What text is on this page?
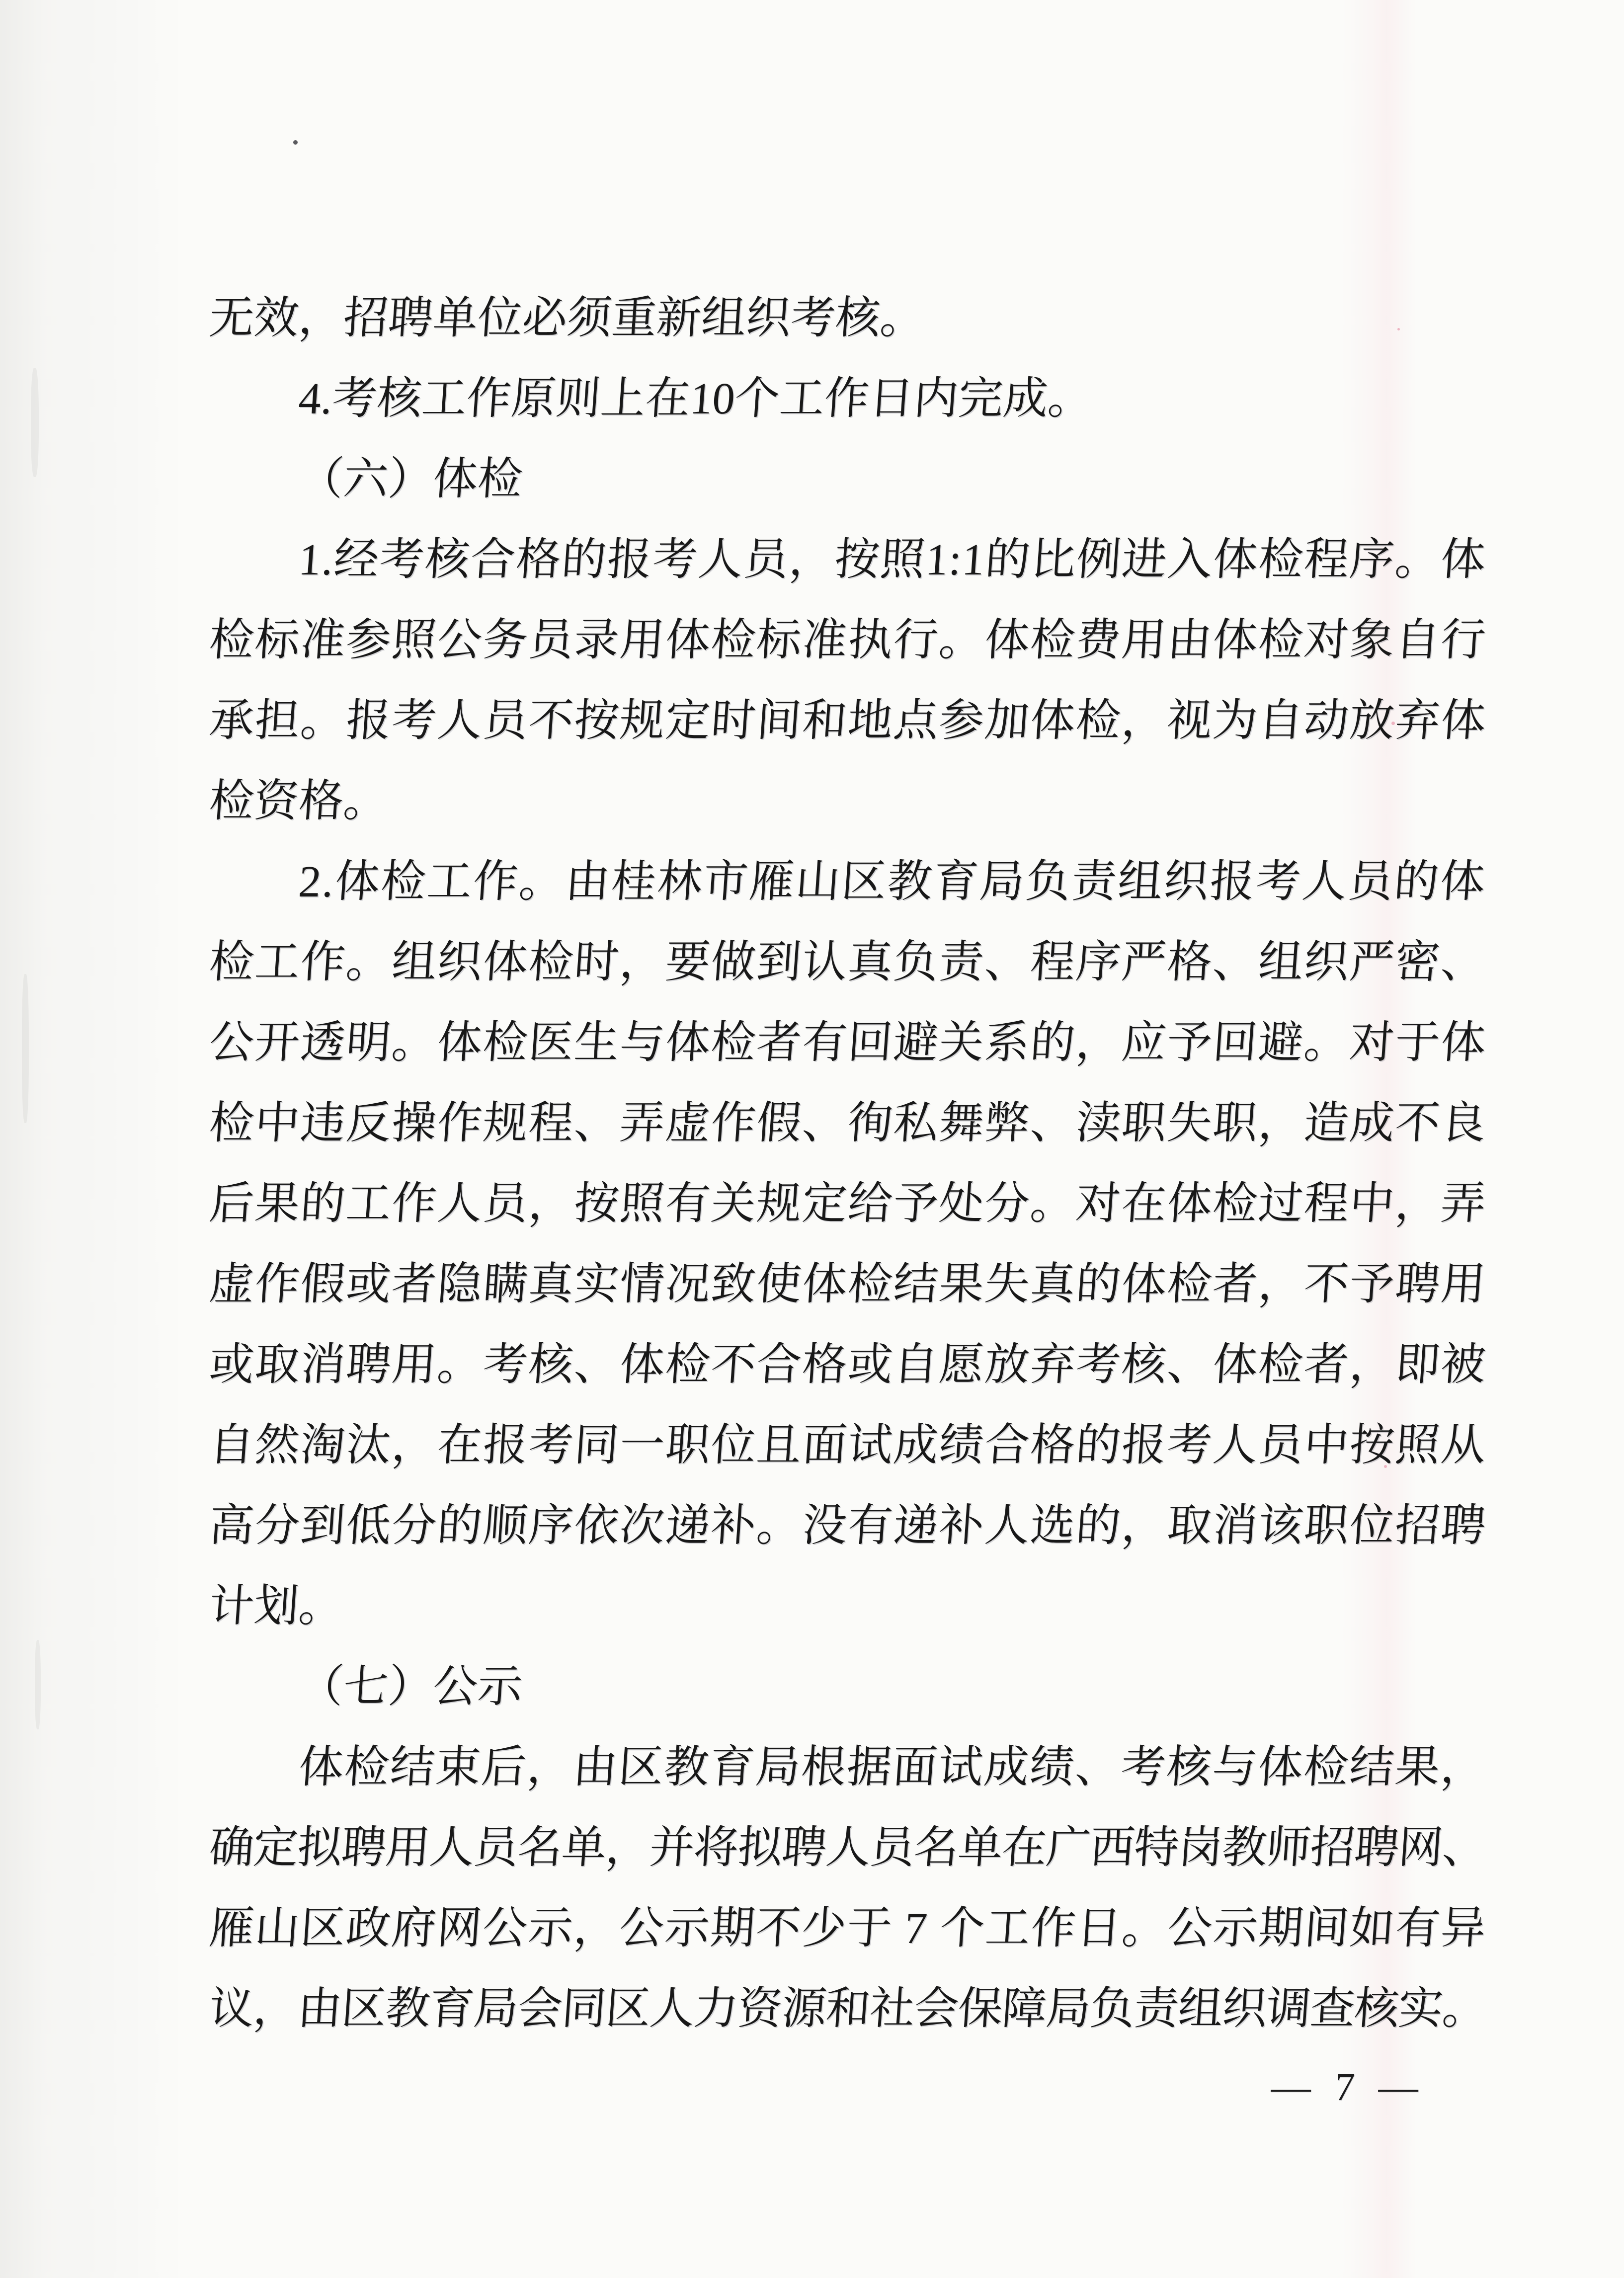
无效，招聘单位必须重新组织考核。
4.考核工作原则上在10个工作日内完成。
（六）体检
1.经考核合格的报考人员，按照1:1的比例进入体检程序。体
检标准参照公务员录用体检标准执行。体检费用由体检对象自行
承担。报考人员不按规定时间和地点参加体检，视为自动放弃体
检资格。
2.体检工作。由桂林市雁山区教育局负责组织报考人员的体
检工作。组织体检时，要做到认真负责、程序严格、组织严密、
公开透明。体检医生与体检者有回避关系的，应予回避。对于体
检中违反操作规程、弄虚作假、徇私舞弊、渎职失职，造成不良
后果的工作人员，按照有关规定给予处分。对在体检过程中，弄
虚作假或者隐瞒真实情况致使体检结果失真的体检者，不予聘用
或取消聘用。考核、体检不合格或自愿放弃考核、体检者，即被
自然淘汰，在报考同一职位且面试成绩合格的报考人员中按照从
高分到低分的顺序依次递补。没有递补人选的，取消该职位招聘
计划。
（七）公示
体检结束后，由区教育局根据面试成绩、考核与体检结果，
确定拟聘用人员名单，并将拟聘人员名单在广西特岗教师招聘网、
雁山区政府网公示，公示期不少于 7 个工作日。公示期间如有异
议，由区教育局会同区人力资源和社会保障局负责组织调查核实。
— 7 —
